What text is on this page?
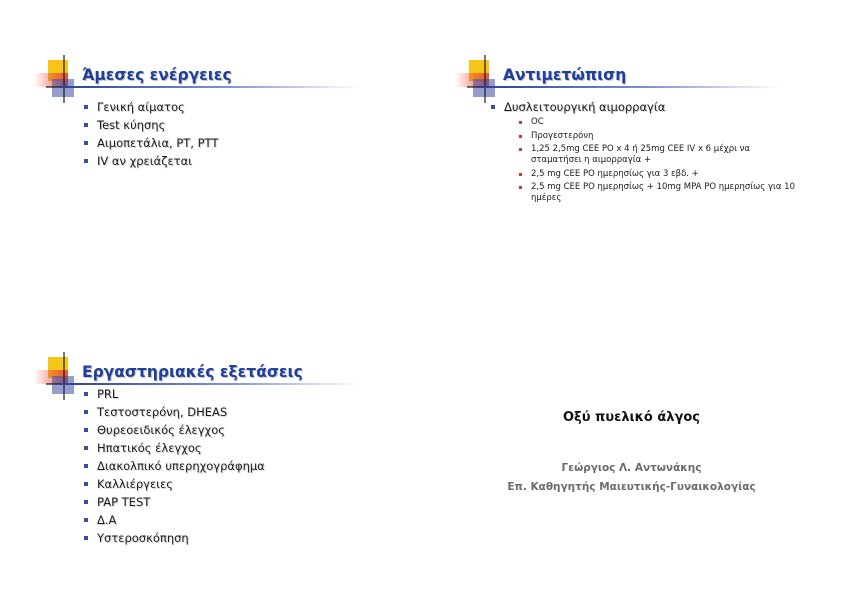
Άμεσες ενέργειες
Γενική αίματος
Test κύησης
Αιμοπετάλια, PT, PTT
IV αν χρειάζεται
Αντιμετώπιση
Δυσλειτουργική αιμορραγία
OC
Προγεστερόνη
1,25 2,5mg CEE PO x 4 ή 25mg CEE IV x 6 μέχρι να σταματήσει η αιμορραγία +
2,5 mg CEE PO ημερησίως για 3 εβδ. +
2,5 mg CEE PO ημερησίως + 10mg MPA PO ημερησίως για 10 ημέρες
Εργαστηριακές εξετάσεις
PRL
Τεστοστερόνη, DHEAS
Θυρεοειδικός έλεγχος
Ηπατικός έλεγχος
Διακολπικό υπερηχογράφημα
Καλλιέργειες
PAP TEST
Δ.Α
Υστεροσκόπηση
Οξύ πυελικό άλγος
Γεώργιος Λ. Αντωνάκης
Επ. Καθηγητής Μαιευτικής-Γυναικολογίας
